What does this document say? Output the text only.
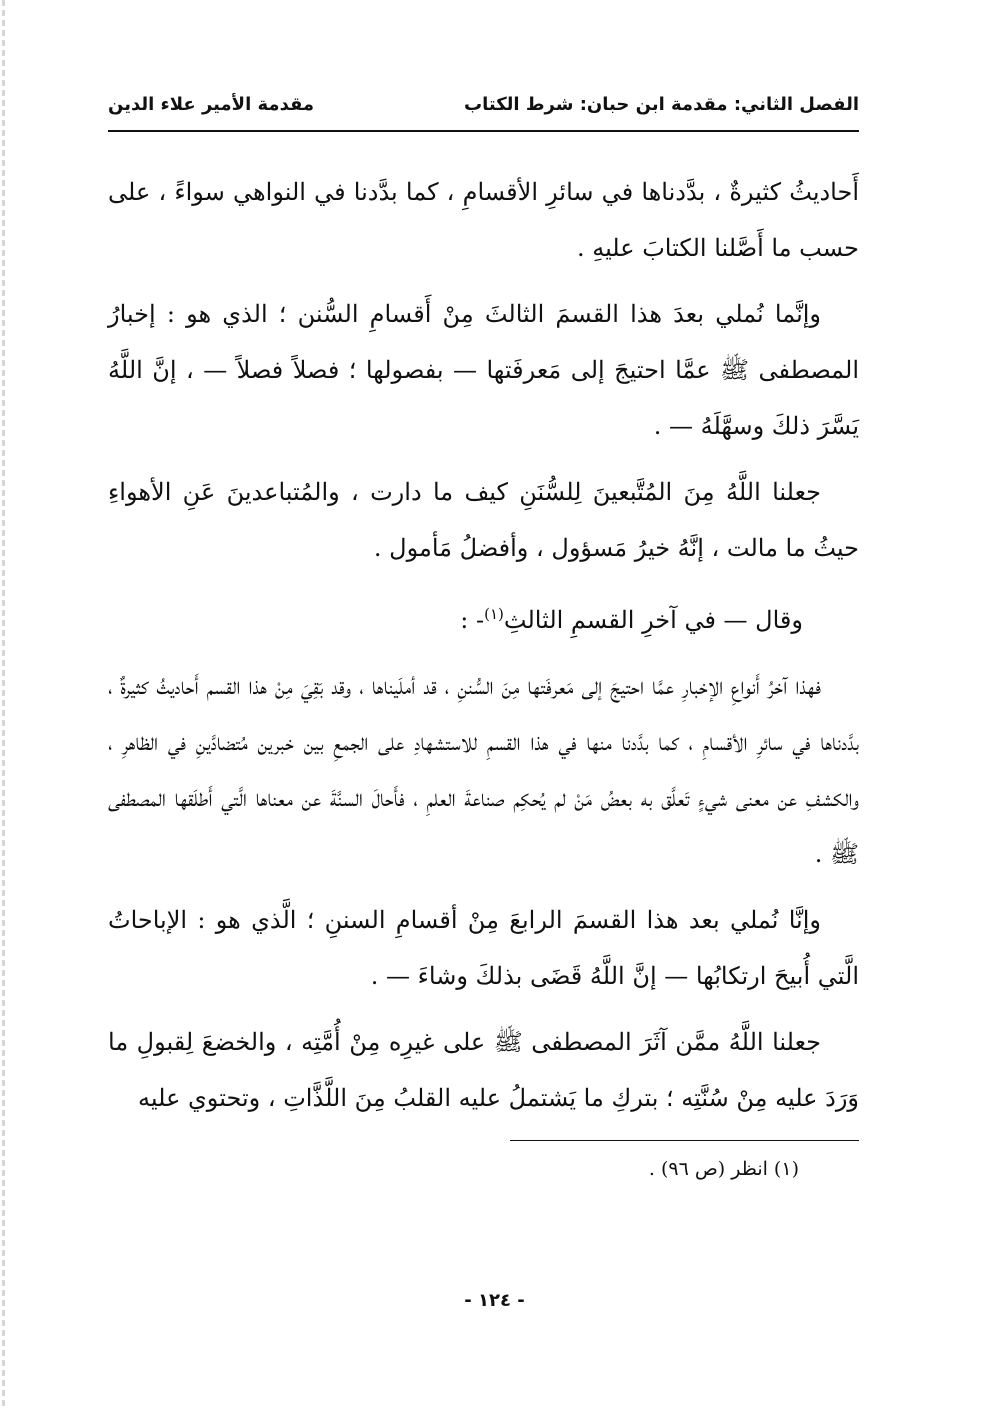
الفصل الثاني: مقدمة ابن حبان: شرط الكتاب
مقدمة الأمير علاء الدين

أَحاديثُ كثيرةٌ ، بدَّدناها في سائرِ الأقسامِ ، كما بدَّدنا في النواهي سواءً ، على حسب ما أَصَّلنا الكتابَ عليهِ .

وإنَّما نُملي بعدَ هذا القسمَ الثالثَ مِنْ أَقسامِ السُّنن ؛ الذي هو : إخبارُ المصطفى ﷺ عمَّا احتيجَ إلى مَعرفَتها — بفصولها ؛ فصلاً فصلاً — ، إنَّ اللَّهُ يَسَّرَ ذلكَ وسهَّلَهُ — .

جعلنا اللَّهُ مِنَ المُتَّبعينَ لِلسُّنَنِ كيف ما دارت ، والمُتباعدينَ عَنِ الأهواءِ حيثُ ما مالت ، إنَّهُ خيرُ مَسؤول ، وأفضلُ مَأمول .

وقال — في آخرِ القسمِ الثالثِ$^{(١)}$- :

فهذا آخرُ أَنواعِ الإخبارِ عمَّا احتيجَ إلى مَعرفَتها مِنَ السُّننِ ، قد أملَيناها ، وقد بَقِيَ مِنْ هذا القسم أَحاديثُ كثيرةٌ ، بدَّدناها في سائرِ الأقسامِ ، كما بدَّدنا منها في هذا القسمِ للاستشهادِ على الجمعِ بين خبرين مُتضادَّينِ في الظاهرِ ، والكشفِ عن معنى شيءٍ تَعلَّق به بعضُ مَنْ لم يُحكِم صناعةَ العلمِ ، فأَحالَ السنَّةَ عن معناها الَّتي أَطلَقها المصطفى ﷺ .

وإنَّا نُملي بعد هذا القسمَ الرابعَ مِنْ أقسامِ السننِ ؛ الَّذي هو : الإباحاتُ الَّتي أُبيحَ ارتكابُها — إنَّ اللَّهُ قَضَى بذلكَ وشاءَ — .

جعلنا اللَّهُ ممَّن آثَرَ المصطفى ﷺ على غيرِه مِنْ أُمَّتِه ، والخضعَ لِقبولِ ما وَرَدَ عليه مِنْ سُنَّتِه ؛ بتركِ ما يَشتملُ عليه القلبُ مِنَ اللَّذَّاتِ ، وتحتوي عليه

(١) انظر (ص ٩٦) .
- ١٢٤ -
